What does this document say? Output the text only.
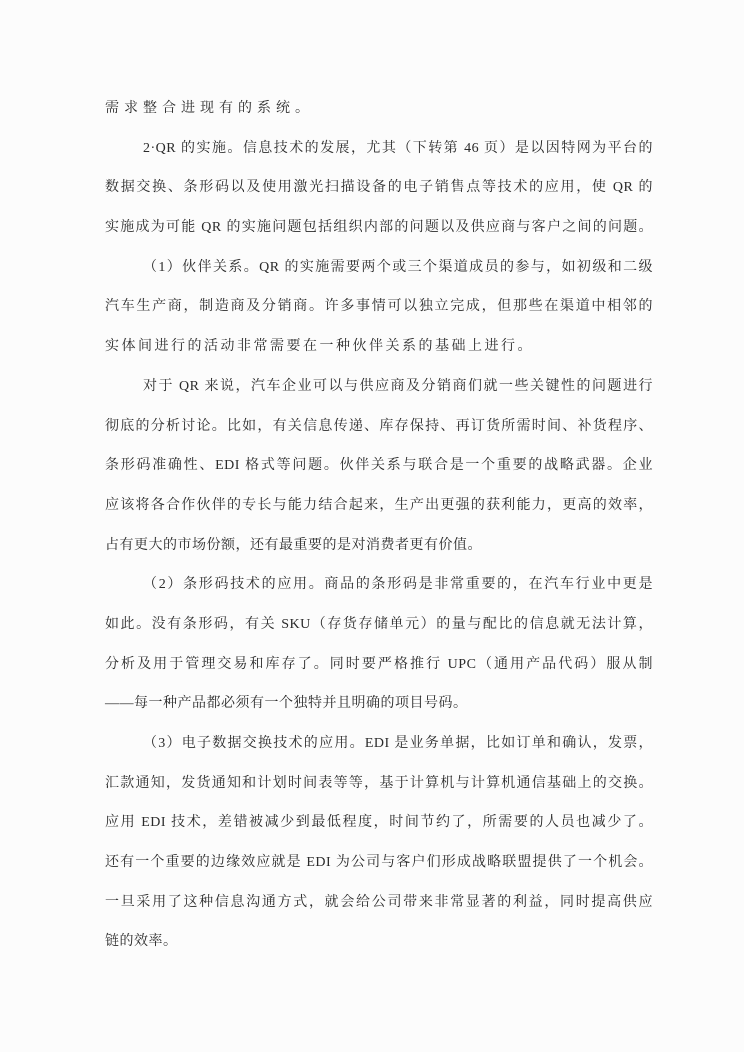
需求整合进现有的系统。
2·QR 的实施。信息技术的发展，尤其（下转第 46 页）是以因特网为平台的
数据交换、条形码以及使用激光扫描设备的电子销售点等技术的应用，使 QR 的
实施成为可能 QR 的实施问题包括组织内部的问题以及供应商与客户之间的问题。
（1）伙伴关系。QR 的实施需要两个或三个渠道成员的参与，如初级和二级
汽车生产商，制造商及分销商。许多事情可以独立完成，但那些在渠道中相邻的
实体间进行的活动非常需要在一种伙伴关系的基础上进行。
对于 QR 来说，汽车企业可以与供应商及分销商们就一些关键性的问题进行
彻底的分析讨论。比如，有关信息传递、库存保持、再订货所需时间、补货程序、
条形码准确性、EDI 格式等问题。伙伴关系与联合是一个重要的战略武器。企业
应该将各合作伙伴的专长与能力结合起来，生产出更强的获利能力，更高的效率，
占有更大的市场份额，还有最重要的是对消费者更有价值。
（2）条形码技术的应用。商品的条形码是非常重要的，在汽车行业中更是
如此。没有条形码，有关 SKU（存货存储单元）的量与配比的信息就无法计算，
分析及用于管理交易和库存了。同时要严格推行 UPC（通用产品代码）服从制
——每一种产品都必须有一个独特并且明确的项目号码。
（3）电子数据交换技术的应用。EDI 是业务单据，比如订单和确认，发票，
汇款通知，发货通知和计划时间表等等，基于计算机与计算机通信基础上的交换。
应用 EDI 技术，差错被减少到最低程度，时间节约了，所需要的人员也减少了。
还有一个重要的边缘效应就是 EDI 为公司与客户们形成战略联盟提供了一个机会。
一旦采用了这种信息沟通方式，就会给公司带来非常显著的利益，同时提高供应
链的效率。
